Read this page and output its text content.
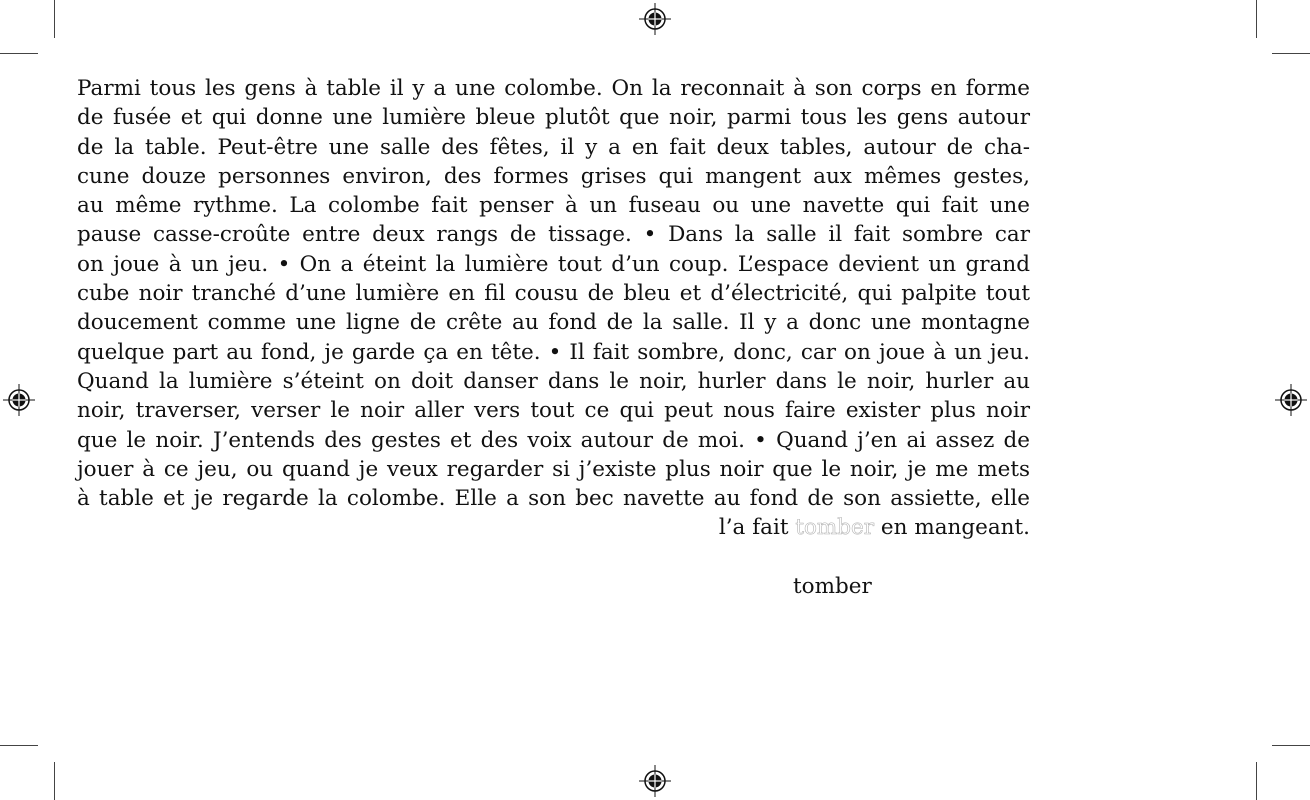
Parmi tous les gens à table il y a une colombe. On la reconnait à son corps en forme
de fusée et qui donne une lumière bleue plutôt que noir, parmi tous les gens autour
de la table. Peut-être une salle des fêtes, il y a en fait deux tables, autour de cha-
cune douze personnes environ, des formes grises qui mangent aux mêmes gestes,
au même rythme. La colombe fait penser à un fuseau ou une navette qui fait une
pause casse-croûte entre deux rangs de tissage. • Dans la salle il fait sombre car
on joue à un jeu. • On a éteint la lumière tout d’un coup. L’espace devient un grand
cube noir tranché d’une lumière en fil cousu de bleu et d’électricité, qui palpite tout
doucement comme une ligne de crête au fond de la salle. Il y a donc une montagne
quelque part au fond, je garde ça en tête. • Il fait sombre, donc, car on joue à un jeu.
Quand la lumière s’éteint on doit danser dans le noir, hurler dans le noir, hurler au
noir, traverser, verser le noir aller vers tout ce qui peut nous faire exister plus noir
que le noir. J’entends des gestes et des voix autour de moi. • Quand j’en ai assez de
jouer à ce jeu, ou quand je veux regarder si j’existe plus noir que le noir, je me mets
à table et je regarde la colombe. Elle a son bec navette au fond de son assiette, elle
l’a fait tomber en mangeant.
tomber
